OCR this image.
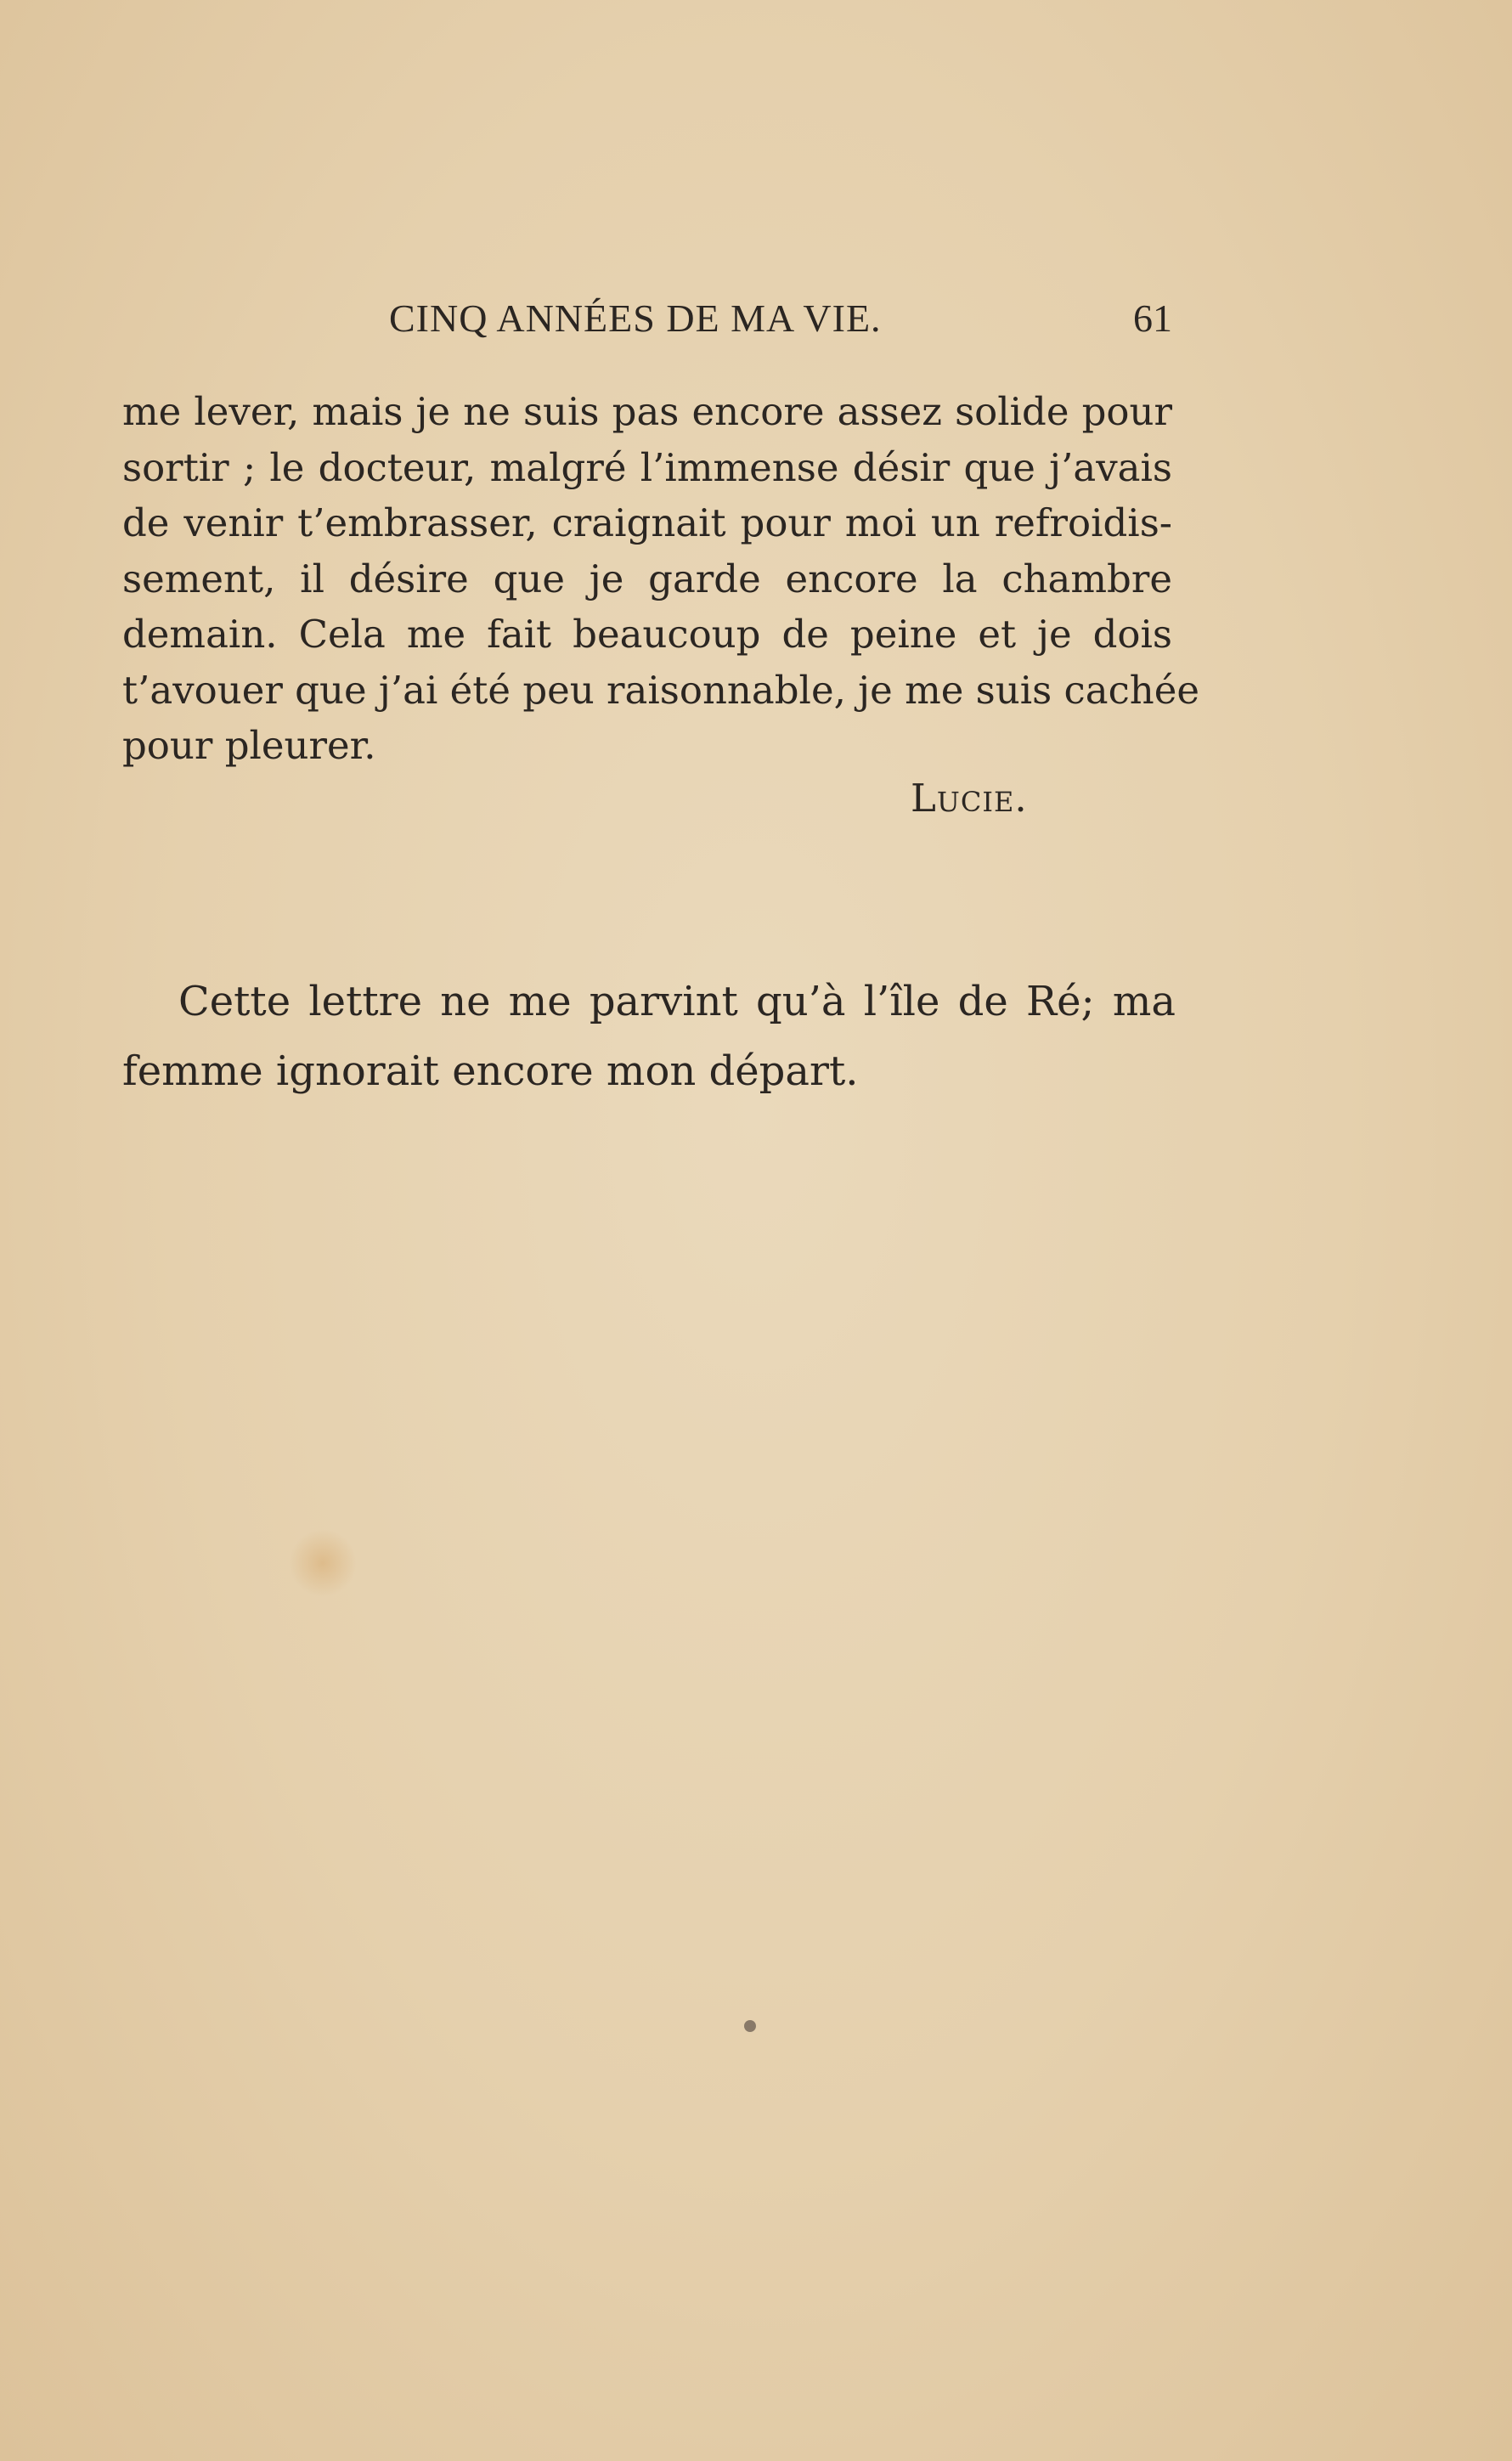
CINQ ANNÉES DE MA VIE.	61
me lever, mais je ne suis pas encore assez solide pour
sortir ; le docteur, malgré l’immense désir que j’avais
de venir t’embrasser, craignait pour moi un refroidis-
sement, il désire que je garde encore la chambre
demain. Cela me fait beaucoup de peine et je dois
t’avouer que j’ai été peu raisonnable, je me suis cachée
pour pleurer.
Lucie.
Cette lettre ne me parvint qu’à l’île de Ré; ma
femme ignorait encore mon départ.
